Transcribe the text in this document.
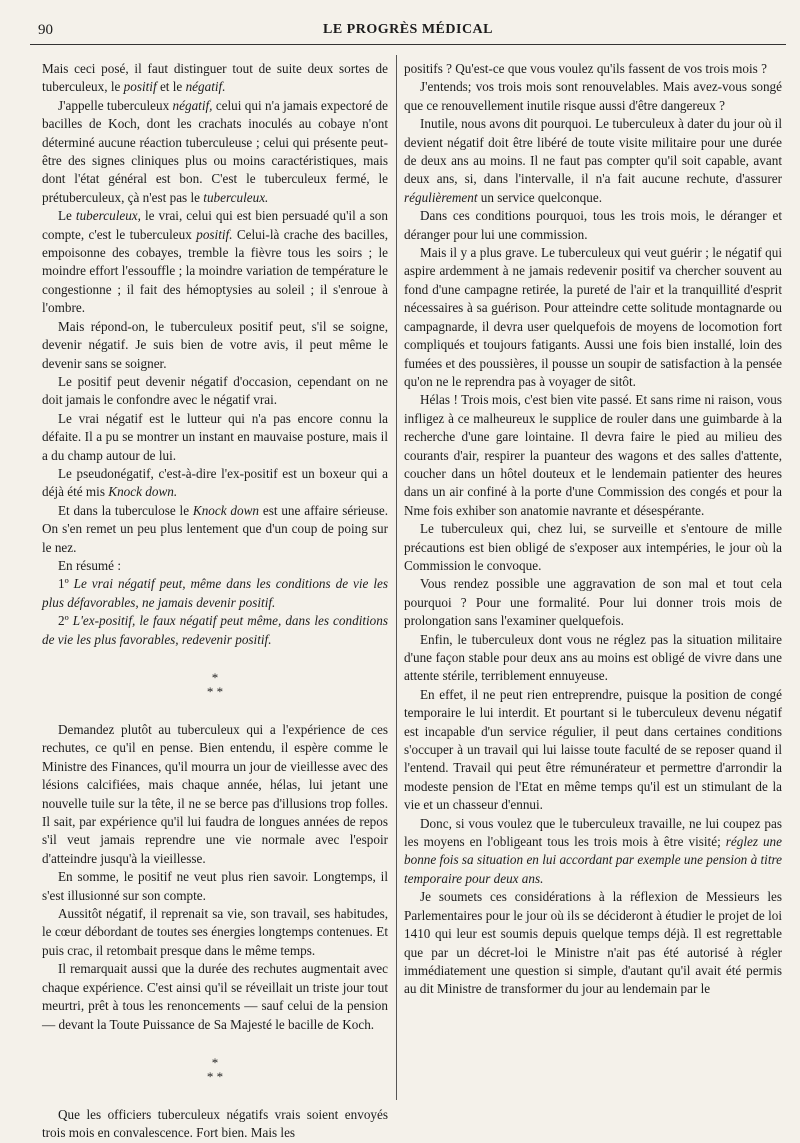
90	LE PROGRÈS MÉDICAL

Mais ceci posé, il faut distinguer tout de suite deux sortes de tuberculeux, le positif et le négatif.

J'appelle tuberculeux négatif, celui qui n'a jamais expectoré de bacilles de Koch, dont les crachats inoculés au cobaye n'ont déterminé aucune réaction tuberculeuse ; celui qui présente peut-être des signes cliniques plus ou moins caractéristiques, mais dont l'état général est bon. C'est le tuberculeux fermé, le prétuberculeux, çà n'est pas le tuberculeux.

Le tuberculeux, le vrai, celui qui est bien persuadé qu'il a son compte, c'est le tuberculeux positif. Celui-là crache des bacilles, empoisonne des cobayes, tremble la fièvre tous les soirs ; le moindre effort l'essouffle ; la moindre variation de température le congestionne ; il fait des hémoptysies au soleil ; il s'enroue à l'ombre.

Mais répond-on, le tuberculeux positif peut, s'il se soigne, devenir négatif. Je suis bien de votre avis, il peut même le devenir sans se soigner.

Le positif peut devenir négatif d'occasion, cependant on ne doit jamais le confondre avec le négatif vrai.

Le vrai négatif est le lutteur qui n'a pas encore connu la défaite. Il a pu se montrer un instant en mauvaise posture, mais il a du champ autour de lui.

Le pseudonégatif, c'est-à-dire l'ex-positif est un boxeur qui a déjà été mis Knock down.

Et dans la tuberculose le Knock down est une affaire sérieuse. On s'en remet un peu plus lentement que d'un coup de poing sur le nez.

En résumé :

1º Le vrai négatif peut, même dans les conditions de vie les plus défavorables, ne jamais devenir positif.

2º L'ex-positif, le faux négatif peut même, dans les conditions de vie les plus favorables, redevenir positif.

*
* *

Demandez plutôt au tuberculeux qui a l'expérience de ces rechutes, ce qu'il en pense. Bien entendu, il espère comme le Ministre des Finances, qu'il mourra un jour de vieillesse avec des lésions calcifiées, mais chaque année, hélas, lui jetant une nouvelle tuile sur la tête, il ne se berce pas d'illusions trop folles. Il sait, par expérience qu'il lui faudra de longues années de repos s'il veut jamais reprendre une vie normale avec l'espoir d'atteindre jusqu'à la vieillesse.

En somme, le positif ne veut plus rien savoir. Longtemps, il s'est illusionné sur son compte.

Aussitôt négatif, il reprenait sa vie, son travail, ses habitudes, le cœur débordant de toutes ses énergies longtemps contenues. Et puis crac, il retombait presque dans le même temps.

Il remarquait aussi que la durée des rechutes augmentait avec chaque expérience. C'est ainsi qu'il se réveillait un triste jour tout meurtri, prêt à tous les renoncements — sauf celui de la pension — devant la Toute Puissance de Sa Majesté le bacille de Koch.

*
* *

Que les officiers tuberculeux négatifs vrais soient envoyés trois mois en convalescence. Fort bien. Mais les

positifs ? Qu'est-ce que vous voulez qu'ils fassent de vos trois mois ?

J'entends; vos trois mois sont renouvelables. Mais avez-vous songé que ce renouvellement inutile risque aussi d'être dangereux ?

Inutile, nous avons dit pourquoi. Le tuberculeux à dater du jour où il devient négatif doit être libéré de toute visite militaire pour une durée de deux ans au moins. Il ne faut pas compter qu'il soit capable, avant deux ans, si, dans l'intervalle, il n'a fait aucune rechute, d'assurer régulièrement un service quelconque.

Dans ces conditions pourquoi, tous les trois mois, le déranger et déranger pour lui une commission.

Mais il y a plus grave. Le tuberculeux qui veut guérir ; le négatif qui aspire ardemment à ne jamais redevenir positif va chercher souvent au fond d'une campagne retirée, la pureté de l'air et la tranquillité d'esprit nécessaires à sa guérison. Pour atteindre cette solitude montagnarde ou campagnarde, il devra user quelquefois de moyens de locomotion fort compliqués et toujours fatigants. Aussi une fois bien installé, loin des fumées et des poussières, il pousse un soupir de satisfaction à la pensée qu'on ne le reprendra pas à voyager de sitôt.

Hélas ! Trois mois, c'est bien vite passé. Et sans rime ni raison, vous infligez à ce malheureux le supplice de rouler dans une guimbarde à la recherche d'une gare lointaine. Il devra faire le pied au milieu des courants d'air, respirer la puanteur des wagons et des salles d'attente, coucher dans un hôtel douteux et le lendemain patienter des heures dans un air confiné à la porte d'une Commission des congés et pour la Nme fois exhiber son anatomie navrante et désespérante.

Le tuberculeux qui, chez lui, se surveille et s'entoure de mille précautions est bien obligé de s'exposer aux intempéries, le jour où la Commission le convoque.

Vous rendez possible une aggravation de son mal et tout cela pourquoi ? Pour une formalité. Pour lui donner trois mois de prolongation sans l'examiner quelquefois.

Enfin, le tuberculeux dont vous ne réglez pas la situation militaire d'une façon stable pour deux ans au moins est obligé de vivre dans une attente stérile, terriblement ennuyeuse.

En effet, il ne peut rien entreprendre, puisque la position de congé temporaire le lui interdit. Et pourtant si le tuberculeux devenu négatif est incapable d'un service régulier, il peut dans certaines conditions s'occuper à un travail qui lui laisse toute faculté de se reposer quand il l'entend. Travail qui peut être rémunérateur et permettre d'arrondir la modeste pension de l'Etat en même temps qu'il est un stimulant de la vie et un chasseur d'ennui.

Donc, si vous voulez que le tuberculeux travaille, ne lui coupez pas les moyens en l'obligeant tous les trois mois à être visité; réglez une bonne fois sa situation en lui accordant par exemple une pension à titre temporaire pour deux ans.

Je soumets ces considérations à la réflexion de Messieurs les Parlementaires pour le jour où ils se décideront à étudier le projet de loi 1410 qui leur est soumis depuis quelque temps déjà. Il est regrettable que par un décret-loi le Ministre n'ait pas été autorisé à régler immédiatement une question si simple, d'autant qu'il avait été permis au dit Ministre de transformer du jour au lendemain par le
